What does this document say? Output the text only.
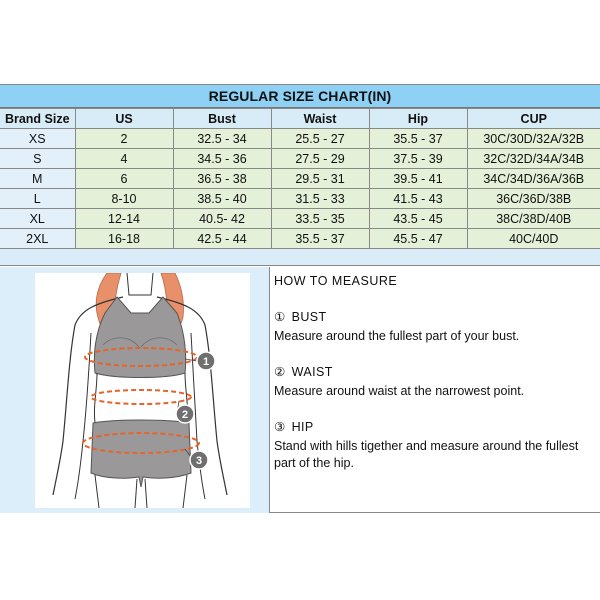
REGULAR SIZE CHART(IN)
Brand Size	US	Bust	Waist	Hip	CUP
XS	2	32.5 - 34	25.5 - 27	35.5 - 37	30C/30D/32A/32B
S	4	34.5 - 36	27.5 - 29	37.5 - 39	32C/32D/34A/34B
M	6	36.5 - 38	29.5 - 31	39.5 - 41	34C/34D/36A/36B
L	8-10	38.5 - 40	31.5 - 33	41.5 - 43	36C/36D/38B
XL	12-14	40.5- 42	33.5 - 35	43.5 - 45	38C/38D/40B
2XL	16-18	42.5 - 44	35.5 - 37	45.5 - 47	40C/40D
1
2
3
HOW TO MEASURE
① BUST
Measure around the fullest part of your bust.
② WAIST
Measure around waist at the narrowest point.
③ HIP
Stand with hills tigether and measure around the fullest part of the hip.
